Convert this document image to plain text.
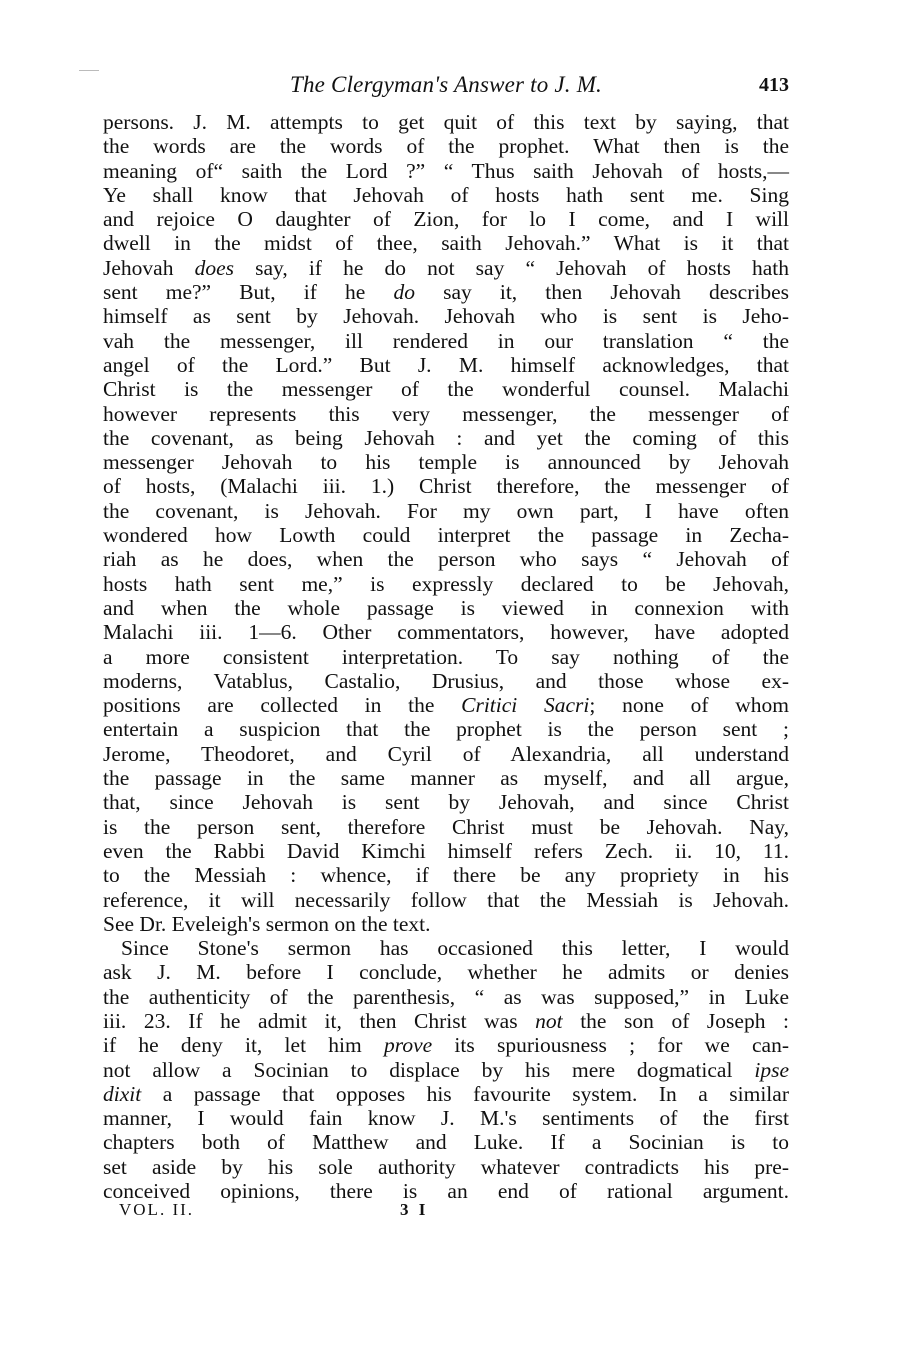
The Clergyman's Answer to J. M.	413
persons. J. M. attempts to get quit of this text by saying, that
the words are the words of the prophet. What then is the
meaning of“ saith the Lord ?” “ Thus saith Jehovah of hosts,—
Ye shall know that Jehovah of hosts hath sent me. Sing
and rejoice O daughter of Zion, for lo I come, and I will
dwell in the midst of thee, saith Jehovah.” What is it that
Jehovah does say, if he do not say “ Jehovah of hosts hath
sent me?” But, if he do say it, then Jehovah describes
himself as sent by Jehovah. Jehovah who is sent is Jeho-
vah the messenger, ill rendered in our translation “ the
angel of the Lord.” But J. M. himself acknowledges, that
Christ is the messenger of the wonderful counsel. Malachi
however represents this very messenger, the messenger of
the covenant, as being Jehovah : and yet the coming of this
messenger Jehovah to his temple is announced by Jehovah
of hosts, (Malachi iii. 1.) Christ therefore, the messenger of
the covenant, is Jehovah. For my own part, I have often
wondered how Lowth could interpret the passage in Zecha-
riah as he does, when the person who says “ Jehovah of
hosts hath sent me,” is expressly declared to be Jehovah,
and when the whole passage is viewed in connexion with
Malachi iii. 1—6. Other commentators, however, have adopted
a more consistent interpretation. To say nothing of the
moderns, Vatablus, Castalio, Drusius, and those whose ex-
positions are collected in the Critici Sacri; none of whom
entertain a suspicion that the prophet is the person sent ;
Jerome, Theodoret, and Cyril of Alexandria, all understand
the passage in the same manner as myself, and all argue,
that, since Jehovah is sent by Jehovah, and since Christ
is the person sent, therefore Christ must be Jehovah. Nay,
even the Rabbi David Kimchi himself refers Zech. ii. 10, 11.
to the Messiah : whence, if there be any propriety in his
reference, it will necessarily follow that the Messiah is Jehovah.
See Dr. Eveleigh's sermon on the text.
Since Stone's sermon has occasioned this letter, I would
ask J. M. before I conclude, whether he admits or denies
the authenticity of the parenthesis, “ as was supposed,” in Luke
iii. 23. If he admit it, then Christ was not the son of Joseph :
if he deny it, let him prove its spuriousness ; for we can-
not allow a Socinian to displace by his mere dogmatical ipse
dixit a passage that opposes his favourite system. In a similar
manner, I would fain know J. M.'s sentiments of the first
chapters both of Matthew and Luke. If a Socinian is to
set aside by his sole authority whatever contradicts his pre-
conceived opinions, there is an end of rational argument.
VOL. II.	3 I
